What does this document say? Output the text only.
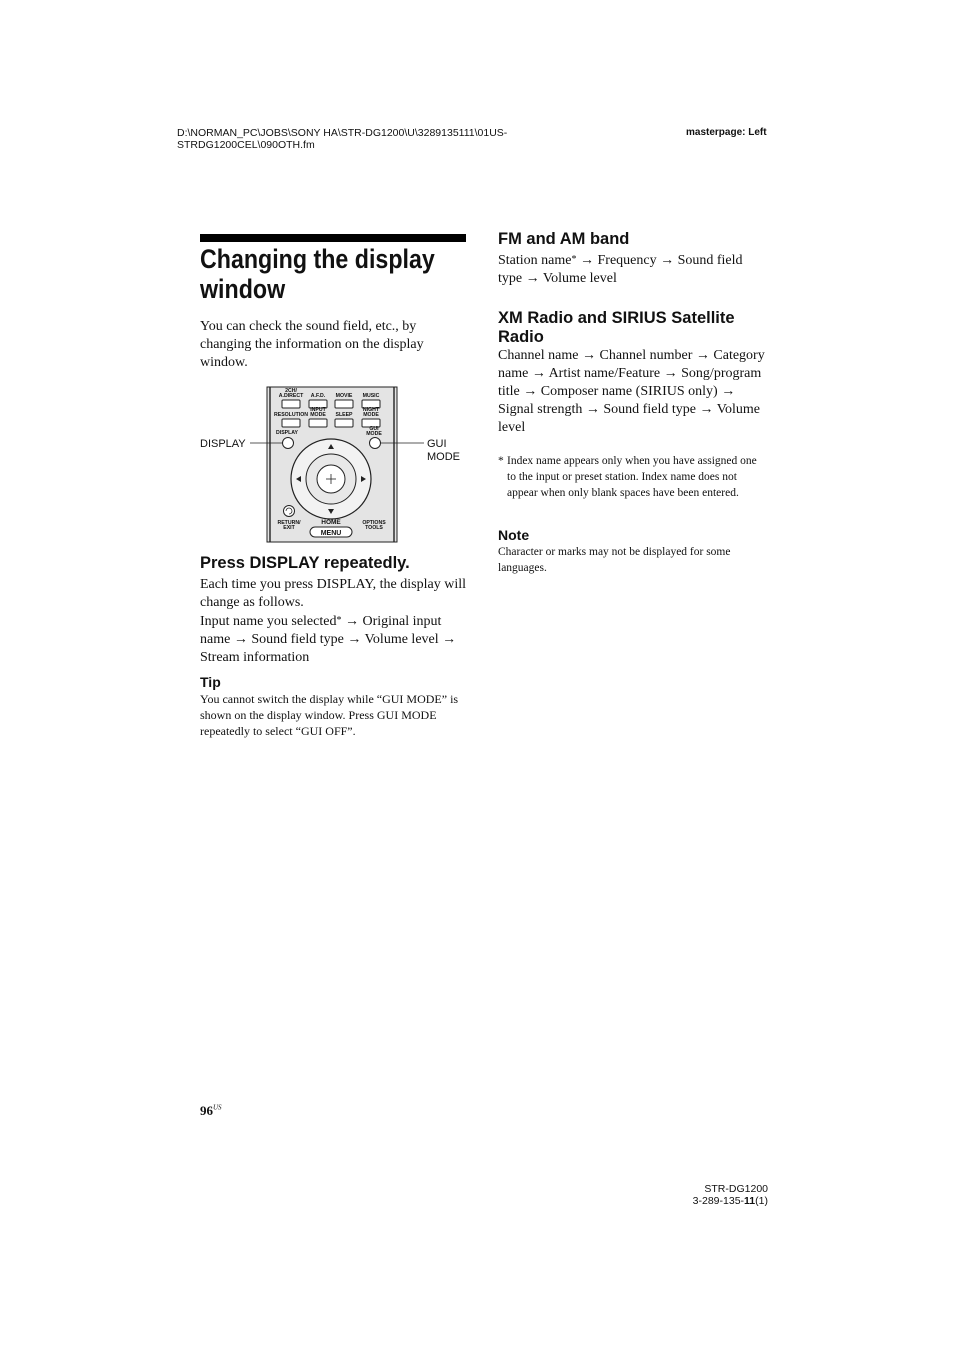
D:\NORMAN_PC\JOBS\SONY HA\STR-DG1200\U\3289135111\01US-
STRDG1200CEL\090OTH.fm
masterpage: Left
Changing the display
window
You can check the sound field, etc., by changing the information on the display window.
2CH/
A.DIRECT A.F.D. MOVIE MUSIC
RESOLUTION
INPUT
MODE SLEEP
NIGHT
MODE
DISPLAY
GUI
MODE
RETURN/
EXIT
HOME
MENU
OPTIONS
TOOLS
DISPLAY	GUI
MODE
Press DISPLAY repeatedly.
Each time you press DISPLAY, the display will change as follows.
Input name you selected* → Original input name → Sound field type → Volume level → Stream information
Tip
You cannot switch the display while “GUI MODE” is shown on the display window. Press GUI MODE repeatedly to select “GUI OFF”.
FM and AM band
Station name* → Frequency → Sound field type → Volume level
XM Radio and SIRIUS Satellite Radio
Channel name → Channel number → Category name → Artist name/Feature → Song/program title → Composer name (SIRIUS only) → Signal strength → Sound field type → Volume level
* Index name appears only when you have assigned one to the input or preset station. Index name does not appear when only blank spaces have been entered.
Note
Character or marks may not be displayed for some languages.
$96^{US}$
STR-DG1200
3-289-135-11(1)
